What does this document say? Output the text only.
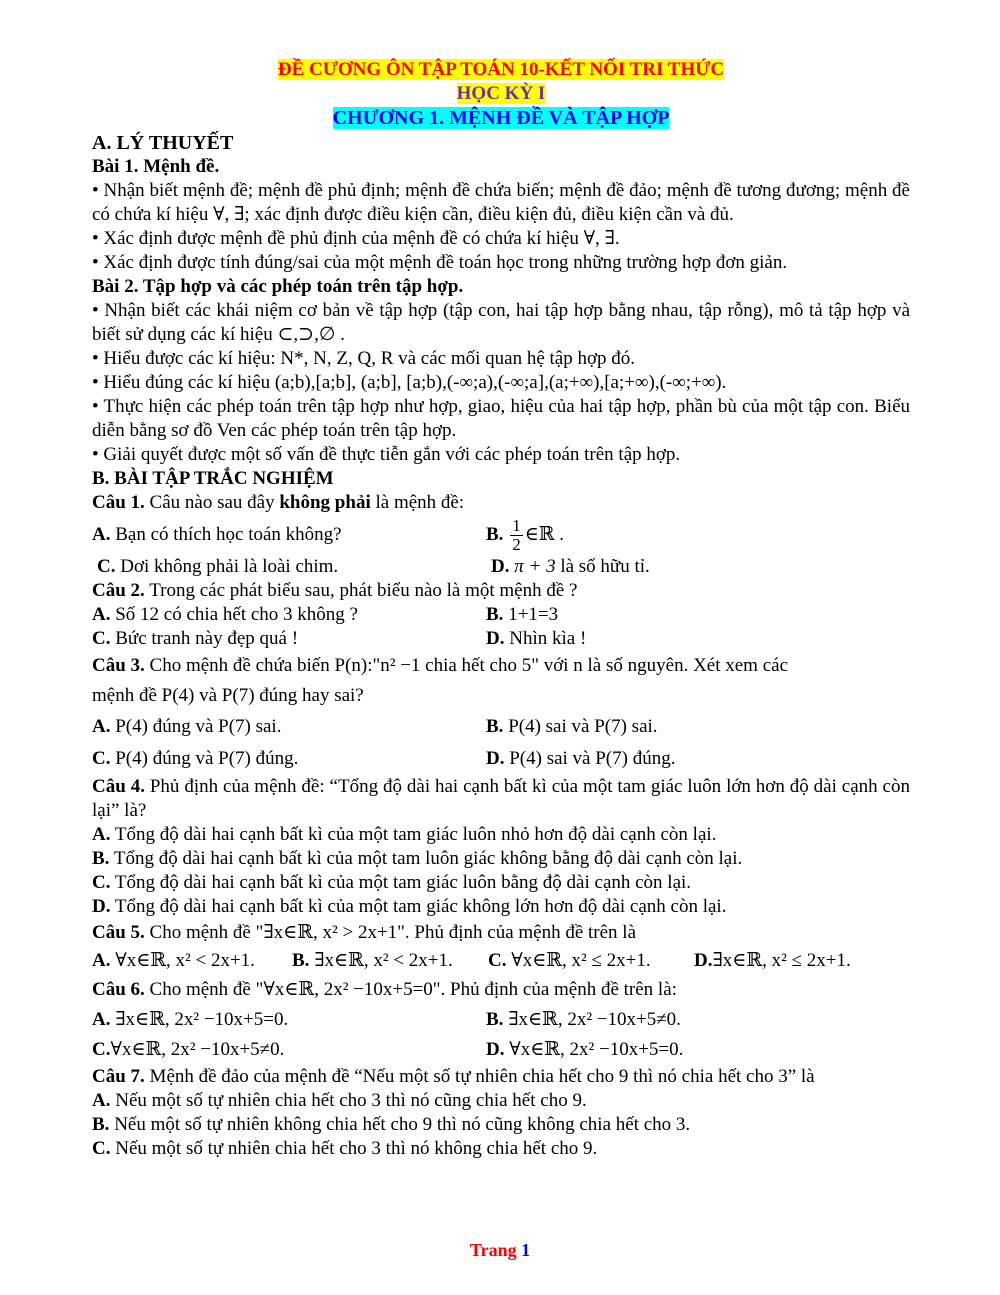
ĐỀ CƯƠNG ÔN TẬP TOÁN 10-KẾT NỐI TRI THỨC
HỌC KỲ I
CHƯƠNG 1. MỆNH ĐỀ VÀ TẬP HỢP
A. LÝ THUYẾT
Bài 1. Mệnh đề.
• Nhận biết mệnh đề; mệnh đề phủ định; mệnh đề chứa biến; mệnh đề đảo; mệnh đề tương đương; mệnh đề có chứa kí hiệu ∀, ∃; xác định được điều kiện cần, điều kiện đủ, điều kiện cần và đủ.
• Xác định được mệnh đề phủ định của mệnh đề có chứa kí hiệu ∀, ∃.
• Xác định được tính đúng/sai của một mệnh đề toán học trong những trường hợp đơn giản.
Bài 2. Tập hợp và các phép toán trên tập hợp.
• Nhận biết các khái niệm cơ bản về tập hợp (tập con, hai tập hợp bằng nhau, tập rỗng), mô tả tập hợp và biết sử dụng các kí hiệu ⊂,⊃,∅ .
• Hiểu được các kí hiệu: N*, N, Z, Q, R và các mối quan hệ tập hợp đó.
• Hiểu đúng các kí hiệu (a;b),[a;b], (a;b], [a;b),(-∞;a),(-∞;a],(a;+∞),[a;+∞),(-∞;+∞).
• Thực hiện các phép toán trên tập hợp như hợp, giao, hiệu của hai tập hợp, phần bù của một tập con. Biểu diễn bằng sơ đồ Ven các phép toán trên tập hợp.
• Giải quyết được một số vấn đề thực tiễn gắn với các phép toán trên tập hợp.
B. BÀI TẬP TRẮC NGHIỆM
Câu 1. Câu nào sau đây không phải là mệnh đề:
A. Bạn có thích học toán không?	B. $\frac{1}{2}$ ∈ℝ .
C. Dơi không phải là loài chim.	D. π + 3 là số hữu tỉ.
Câu 2. Trong các phát biểu sau, phát biểu nào là một mệnh đề ?
A. Số 12 có chia hết cho 3 không ?	B. 1+1=3
C. Bức tranh này đẹp quá !	D. Nhìn kìa !
Câu 3. Cho mệnh đề chứa biến P(n):"n² −1 chia hết cho 5" với n là số nguyên. Xét xem các
mệnh đề P(4) và P(7) đúng hay sai?
A. P(4) đúng và P(7) sai.	B. P(4) sai và P(7) sai.
C. P(4) đúng và P(7) đúng.	D. P(4) sai và P(7) đúng.
Câu 4. Phủ định của mệnh đề: “Tổng độ dài hai cạnh bất kì của một tam giác luôn lớn hơn độ dài cạnh còn lại” là?
A. Tổng độ dài hai cạnh bất kì của một tam giác luôn nhỏ hơn độ dài cạnh còn lại.
B. Tổng độ dài hai cạnh bất kì của một tam luôn giác không bằng độ dài cạnh còn lại.
C. Tổng độ dài hai cạnh bất kì của một tam giác luôn bằng độ dài cạnh còn lại.
D. Tổng độ dài hai cạnh bất kì của một tam giác không lớn hơn độ dài cạnh còn lại.
Câu 5. Cho mệnh đề "∃x∈ℝ, x² > 2x+1". Phủ định của mệnh đề trên là
A. ∀x∈ℝ, x² < 2x+1.	B. ∃x∈ℝ, x² < 2x+1.	C. ∀x∈ℝ, x² ≤ 2x+1.	D.∃x∈ℝ, x² ≤ 2x+1.
Câu 6. Cho mệnh đề "∀x∈ℝ, 2x² −10x+5=0". Phủ định của mệnh đề trên là:
A. ∃x∈ℝ, 2x² −10x+5=0.	B. ∃x∈ℝ, 2x² −10x+5≠0.
C.∀x∈ℝ, 2x² −10x+5≠0.	D. ∀x∈ℝ, 2x² −10x+5=0.
Câu 7. Mệnh đề đảo của mệnh đề “Nếu một số tự nhiên chia hết cho 9 thì nó chia hết cho 3” là
A. Nếu một số tự nhiên chia hết cho 3 thì nó cũng chia hết cho 9.
B. Nếu một số tự nhiên không chia hết cho 9 thì nó cũng không chia hết cho 3.
C. Nếu một số tự nhiên chia hết cho 3 thì nó không chia hết cho 9.
Trang 1
